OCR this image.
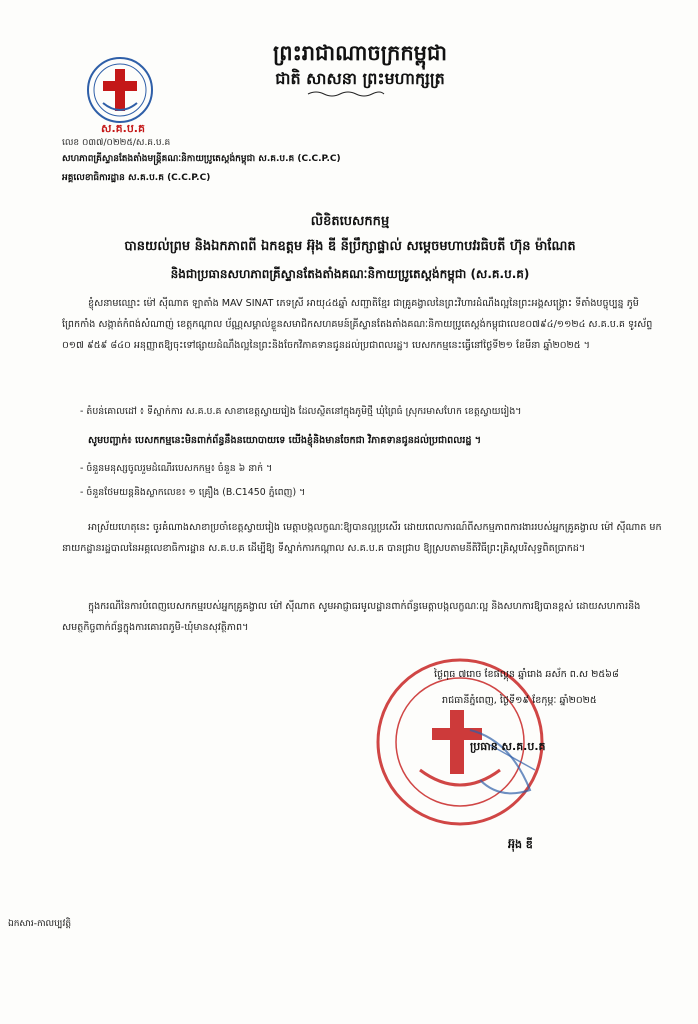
ព្រះរាជាណាចក្រកម្ពុជា
ជាតិ សាសនា ព្រះមហាក្សត្រ
ស.គ.ប.គ
លេខ ០៣៧/០២២៥/ស.គ.ប.គ
សហភាពគ្រីស្ទានតែងតាំងមន្ត្រីគណៈនិកាយប្រូតេស្តង់កម្ពុជា ស.គ.ប.គ (C.C.P.C)
អគ្គលេខាធិការដ្ឋាន ស.គ.ប.គ (C.C.P.C)
លិខិតបេសកកម្ម
បានយល់ព្រម និងឯកភាពពី ឯកឧត្តម អ៊ុង ឌី នីប្រឹក្សាផ្ទាល់ សម្ដេចមហាបវរធិបតី ហ៊ុន ម៉ាណែត
និងជាប្រធានសហភាពគ្រីស្ទានតែងតាំងគណៈនិកាយប្រូតេស្តង់កម្ពុជា (ស.គ.ប.គ)
ខ្ញុំសនាមឈ្មោះ ម៉ៅ ស៊ីណាត ឡាតាំង MAV SINAT ភេទស្រី អាយុ៤៥ឆ្នាំ សញ្ជាតិខ្មែរ ជាគ្រូគង្វាលនៃព្រះវិហារដំណឹងល្អនៃព្រះអង្គសង្គ្រោះ ទីតាំងបច្ចុប្បន្ន ភូមិព្រែកកាំង សង្កាត់កំពង់សំណាញ់ ខេត្តកណ្ដាល ប័ណ្ណសម្គាល់ខ្លួនសមាជិកសហគមន៍គ្រីស្ទានតែងតាំងគណៈនិកាយប្រូតេស្តង់កម្ពុជាលេខ០៧៩៤/១១២៤ ស.គ.ប.គ ទូរស័ព្ទ ០១៧ ៩៥៩ ៨៤០ អនុញ្ញាតឱ្យចុះទៅផ្សាយដំណឹងល្អនៃព្រះនិងចែកវិភាគទានជូនដល់ប្រជាពលរដ្ឋ។ បេសកកម្មនេះធ្វើនៅថ្ងៃទី២១ ខែមីនា ឆ្នាំ២០២៥ ។
- តំបន់គោលដៅ ៖ ទីស្នាក់ការ ស.គ.ប.គ សាខាខេត្តស្វាយរៀង ដែលស្ថិតនៅក្នុងភូមិថ្មី ឃុំព្រៃធំ ស្រុករមាសហែក ខេត្តស្វាយរៀង។
សូមបញ្ជាក់៖ បេសកកម្មនេះមិនពាក់ព័ន្ធនឹងនយោបាយទេ យើងខ្ញុំនិងមានចែកជា វិភាគទានជូនដល់ប្រជាពលរដ្ឋ ។
- ចំនួនមនុស្សចូលរួមដំណើរបេសកកម្ម៖ ចំនួន ៦ នាក់ ។
- ចំនួនថែមយន្តនិងស្លាកលេខ៖ ១ គ្រឿង (B.C1450 ភ្នំពេញ) ។
អាស្រ័យហេតុនេះ ចូរគំណាងសាខាប្រចាំខេត្តស្វាយរៀង មេត្តាបង្កលក្ខណៈឱ្យបានល្អប្រសើរ ដោយពេលការណ៍ពីសកម្មភាពការងាររបស់អ្នកគ្រូគង្វាល ម៉ៅ ស៊ីណាត មកនាយកដ្ឋានរដ្ឋបាលនៃអគ្គលេខាធិការដ្ឋាន ស.គ.ប.គ ដើម្បីឱ្យ ទីស្នាក់ការកណ្ដាល ស.គ.ប.គ បានជ្រាប ឱ្យស្របតាមនីតិវិធីព្រះគ្រិស្តបរិសុទ្ធពិតប្រាកដ។
ក្នុងករណីនៃការបំពេញបេសកកម្មរបស់អ្នកគ្រូគង្វាល ម៉ៅ ស៊ីណាត សូមអាជ្ញាធរមូលដ្ឋានពាក់ព័ន្ធមេត្តាបង្កលក្ខណៈល្អ និងសហការឱ្យបានខ្ពស់ ដោយសហការនិងសមត្ថកិច្ចពាក់ព័ន្ធក្នុងការគោរពភូមិ-ឃុំមានសុវត្ថិភាព។
ថ្ងៃពុធ ៧រោច ខែផល្គុន ឆ្នាំរោង ឆស័ក ព.ស ២៥៦៨
រាជធានីភ្នំពេញ, ថ្ងៃទី១៩ ខែកុម្ភៈ ឆ្នាំ២០២៥
ប្រធាន ស.គ.ប.គ
អ៊ុង ឌី
ឯកសារ-កាលប្បវត្តិ
